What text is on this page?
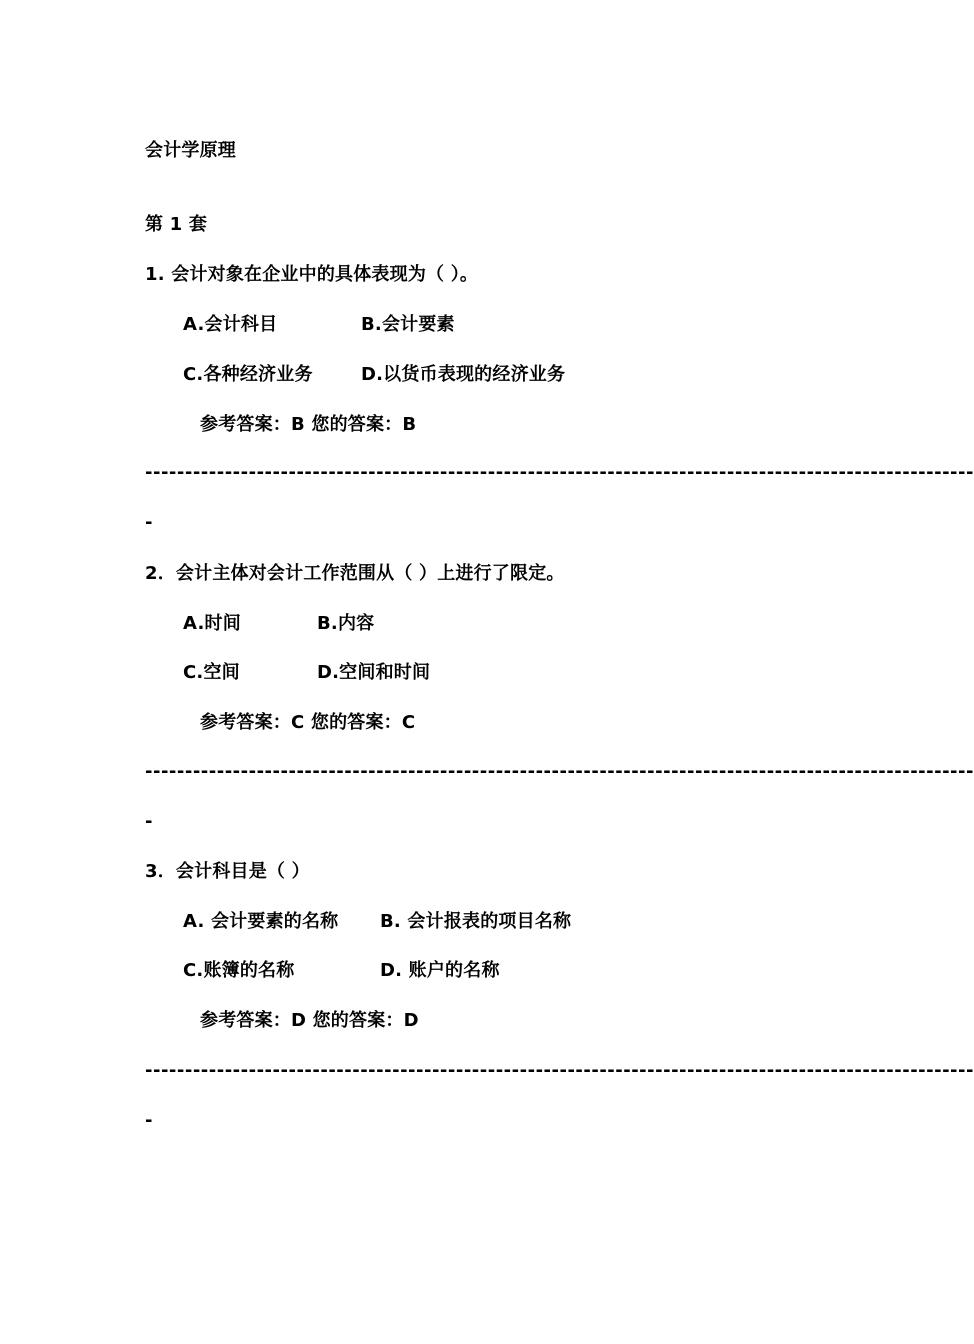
会计学原理
第 1 套
1. 会计对象在企业中的具体表现为（ ）。
A.会计科目	B.会计要素
C.各种经济业务	D.以货币表现的经济业务
参考答案：B 您的答案：B
--------------------------------------------------------------------------------------------------------
-
2．会计主体对会计工作范围从（ ）上进行了限定。
A.时间	B.内容
C.空间	D.空间和时间
参考答案：C 您的答案：C
--------------------------------------------------------------------------------------------------------
-
3．会计科目是（ ）
A. 会计要素的名称 B. 会计报表的项目名称
C.账簿的名称	D. 账户的名称
参考答案：D 您的答案：D
--------------------------------------------------------------------------------------------------------
-
